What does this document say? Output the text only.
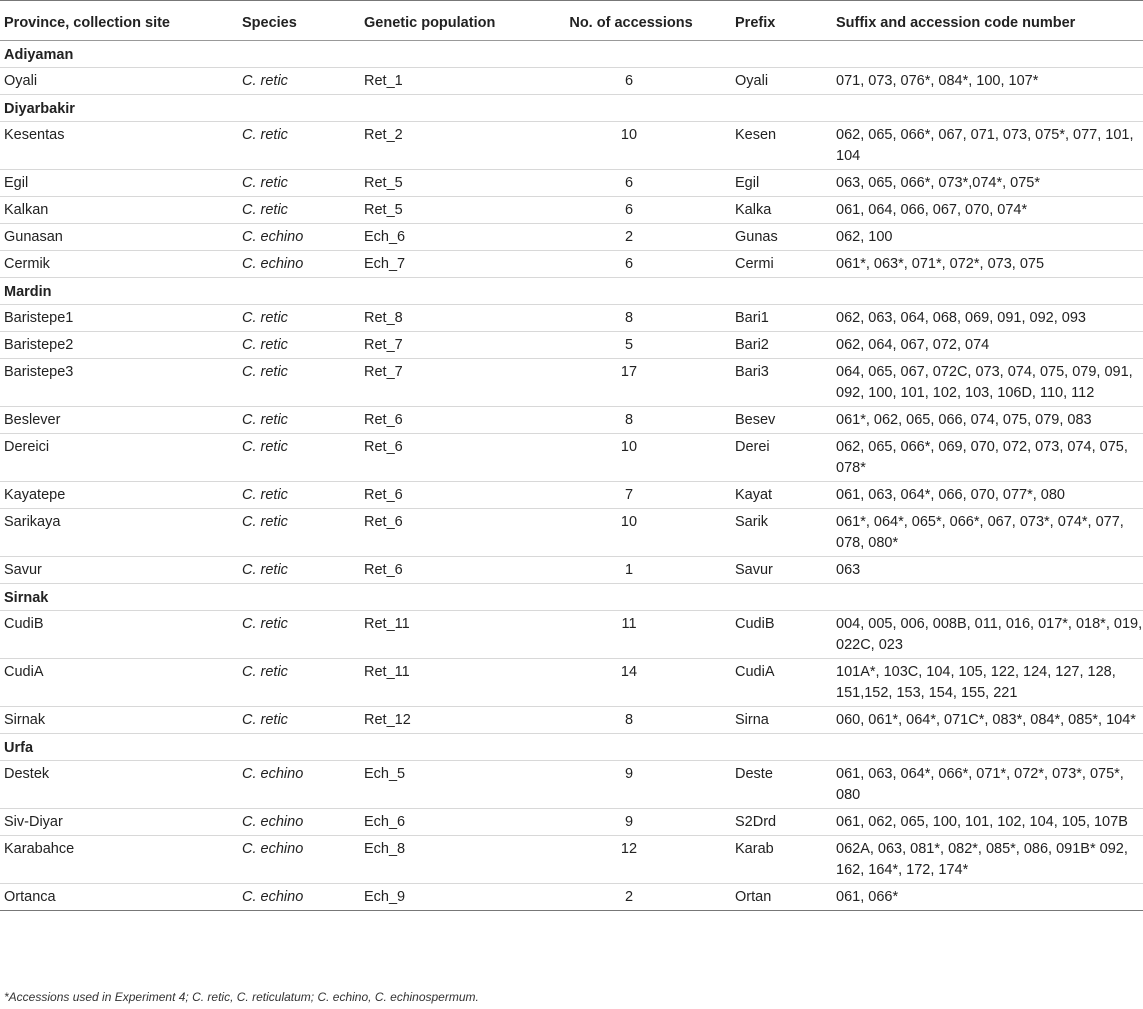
Province, collection site	Species	Genetic population	No. of accessions	Prefix	Suffix and accession code number
Adiyaman					
Oyali	C. retic	Ret_1	6	Oyali	071, 073, 076*, 084*, 100, 107*
Diyarbakir					
Kesentas	C. retic	Ret_2	10	Kesen	062, 065, 066*, 067, 071, 073, 075*, 077, 101, 104
Egil	C. retic	Ret_5	6	Egil	063, 065, 066*, 073*,074*, 075*
Kalkan	C. retic	Ret_5	6	Kalka	061, 064, 066, 067, 070, 074*
Gunasan	C. echino	Ech_6	2	Gunas	062, 100
Cermik	C. echino	Ech_7	6	Cermi	061*, 063*, 071*, 072*, 073, 075
Mardin					
Baristepe1	C. retic	Ret_8	8	Bari1	062, 063, 064, 068, 069, 091, 092, 093
Baristepe2	C. retic	Ret_7	5	Bari2	062, 064, 067, 072, 074
Baristepe3	C. retic	Ret_7	17	Bari3	064, 065, 067, 072C, 073, 074, 075, 079, 091, 092, 100, 101, 102, 103, 106D, 110, 112
Beslever	C. retic	Ret_6	8	Besev	061*, 062, 065, 066, 074, 075, 079, 083
Dereici	C. retic	Ret_6	10	Derei	062, 065, 066*, 069, 070, 072, 073, 074, 075, 078*
Kayatepe	C. retic	Ret_6	7	Kayat	061, 063, 064*, 066, 070, 077*, 080
Sarikaya	C. retic	Ret_6	10	Sarik	061*, 064*, 065*, 066*, 067, 073*, 074*, 077, 078, 080*
Savur	C. retic	Ret_6	1	Savur	063
Sirnak					
CudiB	C. retic	Ret_11	11	CudiB	004, 005, 006, 008B, 011, 016, 017*, 018*, 019, 022C, 023
CudiA	C. retic	Ret_11	14	CudiA	101A*, 103C, 104, 105, 122, 124, 127, 128, 151,152, 153, 154, 155, 221
Sirnak	C. retic	Ret_12	8	Sirna	060, 061*, 064*, 071C*, 083*, 084*, 085*, 104*
Urfa					
Destek	C. echino	Ech_5	9	Deste	061, 063, 064*, 066*, 071*, 072*, 073*, 075*, 080
Siv-Diyar	C. echino	Ech_6	9	S2Drd	061, 062, 065, 100, 101, 102, 104, 105, 107B
Karabahce	C. echino	Ech_8	12	Karab	062A, 063, 081*, 082*, 085*, 086, 091B* 092, 162, 164*, 172, 174*
Ortanca	C. echino	Ech_9	2	Ortan	061, 066*
*Accessions used in Experiment 4; C. retic, C. reticulatum; C. echino, C. echinospermum.
